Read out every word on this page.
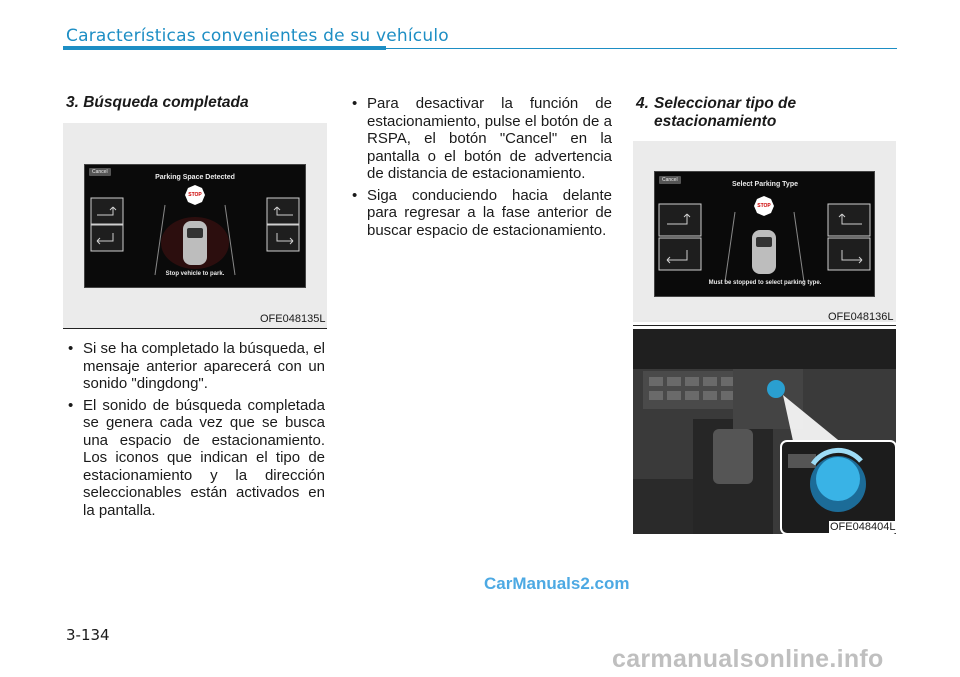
Características convenientes de su vehículo
3. Búsqueda completada
Cancel
Parking Space Detected
STOP
Stop vehicle to park.
OFE048135L
• Si se ha completado la búsqueda, el mensaje anterior aparecerá con un sonido "dingdong".
• El sonido de búsqueda completada se genera cada vez que se busca una espacio de estacionamiento. Los iconos que indican el tipo de estacionamiento y la dirección seleccionables están activados en la pantalla.
• Para desactivar la función de estacionamiento, pulse el botón de a RSPA, el botón "Cancel" en la pantalla o el botón de advertencia de distancia de estacionamiento.
• Siga conduciendo hacia delante para regresar a la fase anterior de buscar espacio de estacionamiento.
4. Seleccionar tipo de
estacionamiento
Cancel
Select Parking Type
STOP
Must be stopped to select parking type.
OFE048136L
OFE048404L
CarManuals2.com
3-134
carmanualsonline.info
